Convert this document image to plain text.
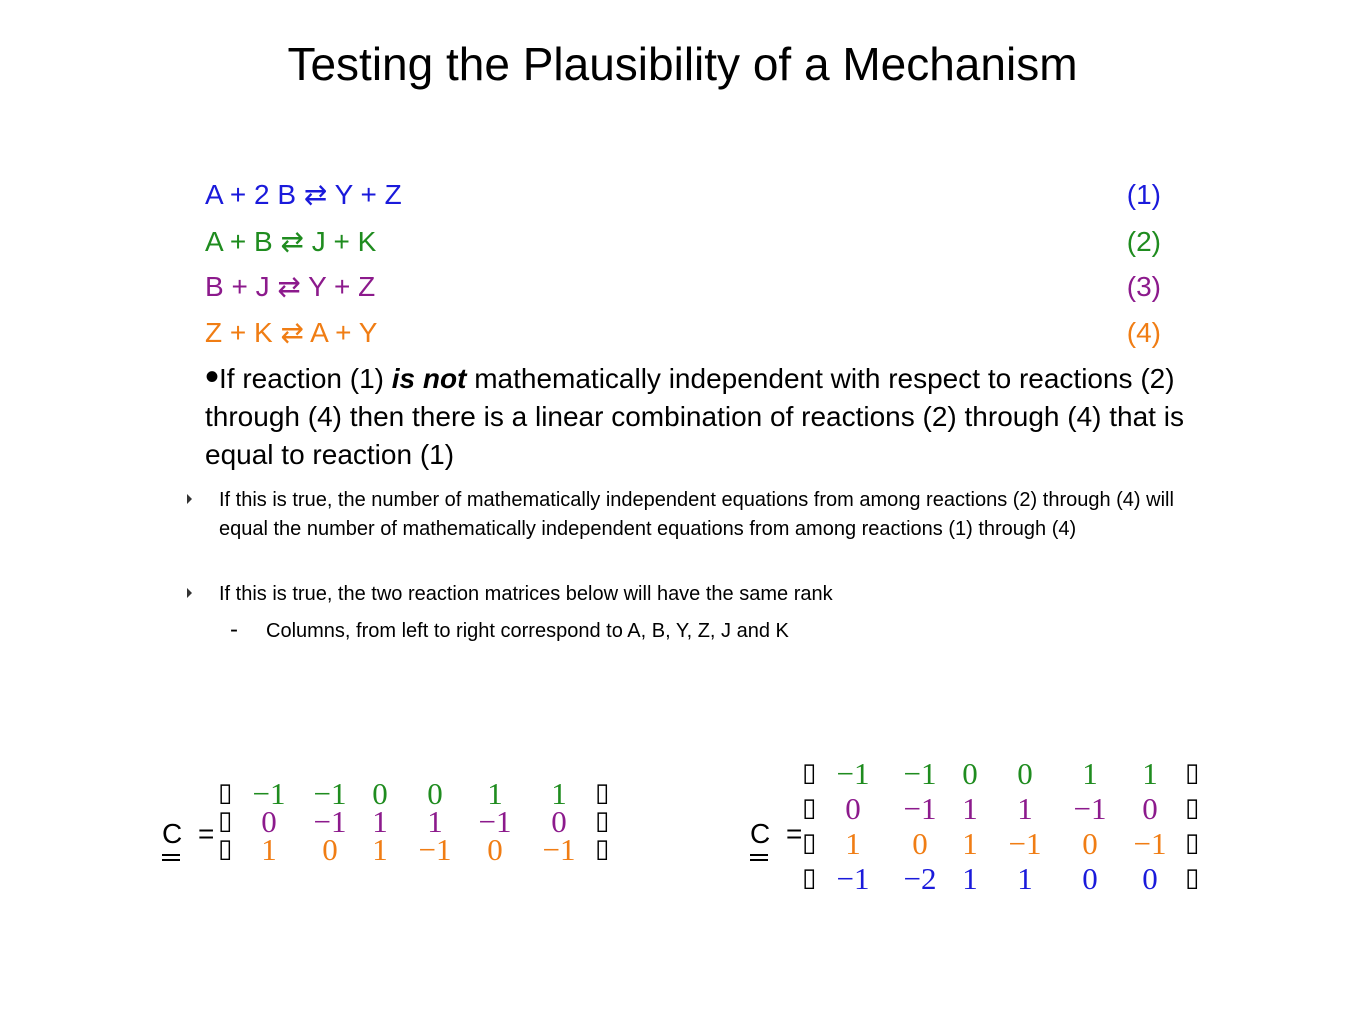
Testing the Plausibility of a Mechanism
A + 2 B ⇄ Y + Z	(1)
A + B ⇄ J + K	(2)
B + J ⇄ Y + Z	(3)
Z + K ⇄ A + Y	(4)
•If reaction (1) is not mathematically independent with respect to reactions (2) through (4) then there is a linear combination of reactions (2) through (4) that is equal to reaction (1)
If this is true, the number of mathematically independent equations from among reactions (2) through (4) will equal the number of mathematically independent equations from among reactions (1) through (4)
If this is true, the two reaction matrices below will have the same rank
- Columns, from left to right correspond to A, B, Y, Z, J and K
C =
−1 −1 0	0	1	1
▯	▯
0	−1 1	1	−1	0
▯	▯
1	0	1 −1	0	−1
▯	▯	C =
−1	−1 0	0	1	1
▯	▯
0	−1 1	1	−1	0
▯	▯
1	0	1 −1	0	−1
▯	▯
−1	−2 1	1	0	0
▯	▯
